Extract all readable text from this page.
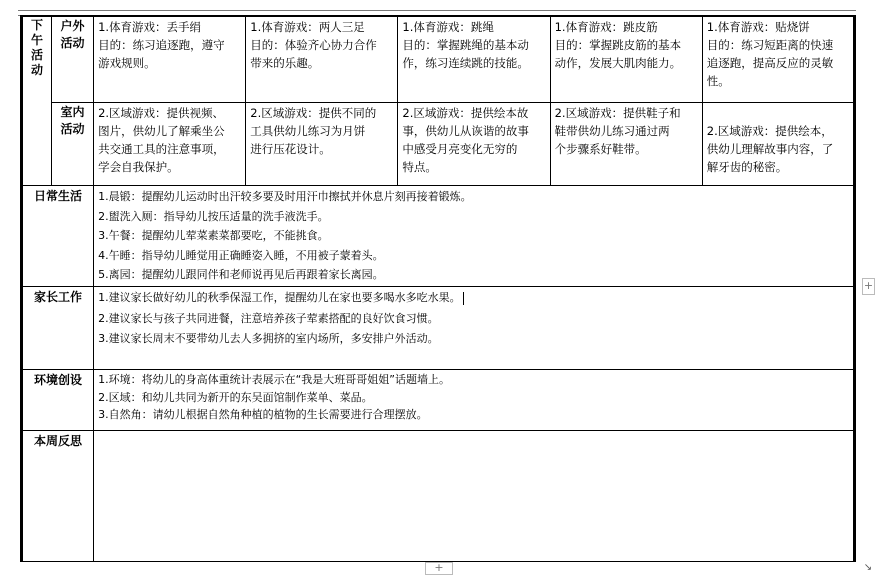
下
午
活
动	户外
活动	1.体育游戏：丢手绢
目的：练习追逐跑，遵守
游戏规则。	1.体育游戏：两人三足
目的：体验齐心协力合作
带来的乐趣。	1.体育游戏：跳绳
目的：掌握跳绳的基本动
作，练习连续跳的技能。	1.体育游戏：跳皮筋
目的：掌握跳皮筋的基本
动作，发展大肌肉能力。	1.体育游戏：贴烧饼
目的：练习短距离的快速
追逐跑，提高反应的灵敏
性。

	室内
活动	2.区域游戏：提供视频、
图片，供幼儿了解乘坐公
共交通工具的注意事项，
学会自我保护。	2.区域游戏：提供不同的
工具供幼儿练习为月饼
进行压花设计。	2.区域游戏：提供绘本故
事，供幼儿从诙谐的故事
中感受月亮变化无穷的
特点。	2.区域游戏：提供鞋子和
鞋带供幼儿练习通过两
个步骤系好鞋带。	2.区域游戏：提供绘本，
供幼儿理解故事内容，了
解牙齿的秘密。

日常生活		1.晨锻：提醒幼儿运动时出汗较多要及时用汗巾擦拭并休息片刻再接着锻炼。
2.盥洗入厕：指导幼儿按压适量的洗手液洗手。
3.午餐：提醒幼儿荤菜素菜都要吃，不能挑食。
4.午睡：指导幼儿睡觉用正确睡姿入睡，不用被子蒙着头。
5.离园：提醒幼儿跟同伴和老师说再见后再跟着家长离园。				

家长工作		1.建议家长做好幼儿的秋季保湿工作，提醒幼儿在家也要多喝水多吃水果。
2.建议家长与孩子共同进餐，注意培养孩子荤素搭配的良好饮食习惯。
3.建议家长周末不要带幼儿去人多拥挤的室内场所，多安排户外活动。				

环境创设		1.环境：将幼儿的身高体重统计表展示在“我是大班哥哥姐姐”话题墙上。
2.区域：和幼儿共同为新开的东吴面馆制作菜单、菜品。
3.自然角：请幼儿根据自然角种植的植物的生长需要进行合理摆放。				

本周反思						
+
+	↘
